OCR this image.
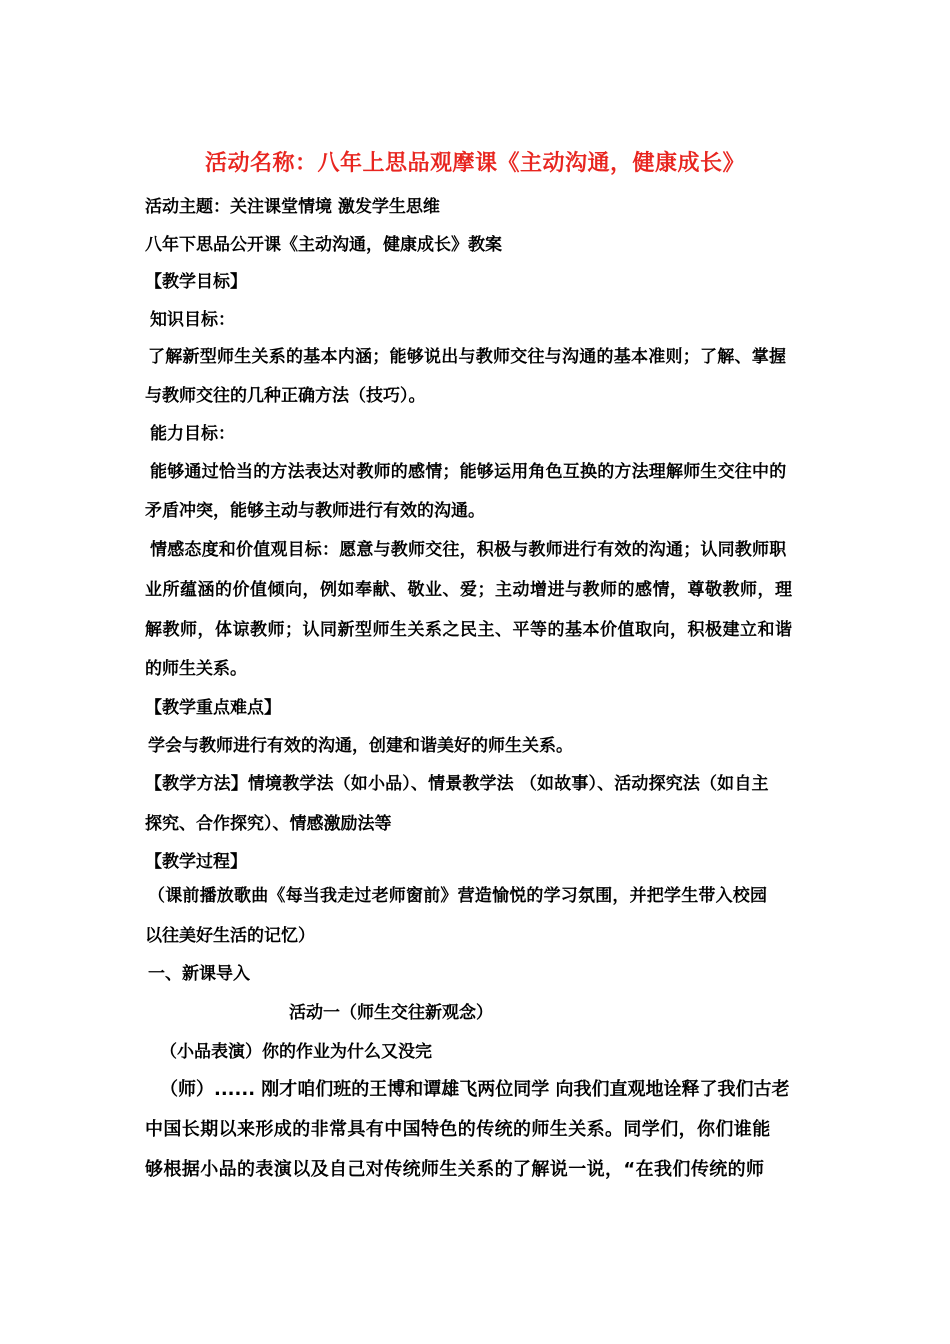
活动名称：八年上思品观摩课《主动沟通，健康成长》
活动主题：关注课堂情境 激发学生思维
八年下思品公开课《主动沟通，健康成长》教案
【教学目标】
知识目标：
了解新型师生关系的基本内涵；能够说出与教师交往与沟通的基本准则；了解、掌握
与教师交往的几种正确方法（技巧）。
能力目标：
能够通过恰当的方法表达对教师的感情；能够运用角色互换的方法理解师生交往中的
矛盾冲突，能够主动与教师进行有效的沟通。
情感态度和价值观目标：愿意与教师交往，积极与教师进行有效的沟通；认同教师职
业所蕴涵的价值倾向，例如奉献、敬业、爱；主动增进与教师的感情，尊敬教师，理
解教师，体谅教师；认同新型师生关系之民主、平等的基本价值取向，积极建立和谐
的师生关系。
【教学重点难点】
学会与教师进行有效的沟通，创建和谐美好的师生关系。
【教学方法】情境教学法（如小品）、情景教学法 （如故事）、活动探究法（如自主
探究、合作探究）、情感激励法等
【教学过程】
（课前播放歌曲《每当我走过老师窗前》营造愉悦的学习氛围，并把学生带入校园
以往美好生活的记忆）
一、新课导入
活动一（师生交往新观念）
（小品表演）你的作业为什么又没完
（师）...... 刚才咱们班的王博和谭雄飞两位同学 向我们直观地诠释了我们古老
中国长期以来形成的非常具有中国特色的传统的师生关系。同学们，你们谁能
够根据小品的表演以及自己对传统师生关系的了解说一说，“在我们传统的师
